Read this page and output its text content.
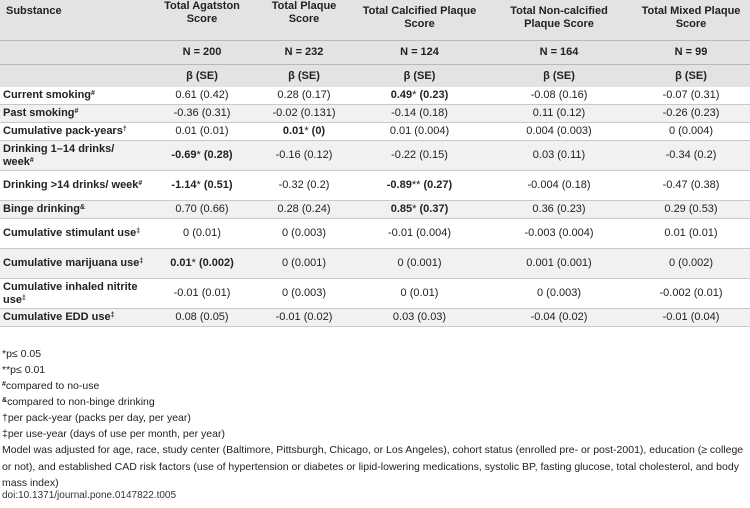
Substance	Total Agatston Score	Total Plaque Score	Total Calcified Plaque Score	Total Non-calcified Plaque Score	Total Mixed Plaque Score
	N = 200	N = 232	N = 124	N = 164	N = 99
	β (SE)	β (SE)	β (SE)	β (SE)	β (SE)
Current smoking#	0.61 (0.42)	0.28 (0.17)	0.49* (0.23)	-0.08 (0.16)	-0.07 (0.31)
Past smoking#	-0.36 (0.31)	-0.02 (0.131)	-0.14 (0.18)	0.11 (0.12)	-0.26 (0.23)
Cumulative pack-years†	0.01 (0.01)	0.01* (0)	0.01 (0.004)	0.004 (0.003)	0 (0.004)
Drinking 1–14 drinks/ week#	-0.69* (0.28)	-0.16 (0.12)	-0.22 (0.15)	0.03 (0.11)	-0.34 (0.2)
Drinking >14 drinks/ week#	-1.14* (0.51)	-0.32 (0.2)	-0.89** (0.27)	-0.004 (0.18)	-0.47 (0.38)
Binge drinking&	0.70 (0.66)	0.28 (0.24)	0.85* (0.37)	0.36 (0.23)	0.29 (0.53)
Cumulative stimulant use‡	0 (0.01)	0 (0.003)	-0.01 (0.004)	-0.003 (0.004)	0.01 (0.01)
Cumulative marijuana use‡	0.01* (0.002)	0 (0.001)	0 (0.001)	0.001 (0.001)	0 (0.002)
Cumulative inhaled nitrite use‡	-0.01 (0.01)	0 (0.003)	0 (0.01)	0 (0.003)	-0.002 (0.01)
Cumulative EDD use‡	0.08 (0.05)	-0.01 (0.02)	0.03 (0.03)	-0.04 (0.02)	-0.01 (0.04)
*p≤ 0.05
**p≤ 0.01
#compared to no-use
&compared to non-binge drinking
†per pack-year (packs per day, per year)
‡per use-year (days of use per month, per year)
Model was adjusted for age, race, study center (Baltimore, Pittsburgh, Chicago, or Los Angeles), cohort status (enrolled pre- or post-2001), education (≥ college or not), and established CAD risk factors (use of hypertension or diabetes or lipid-lowering medications, systolic BP, fasting glucose, total cholesterol, and body mass index)
doi:10.1371/journal.pone.0147822.t005
